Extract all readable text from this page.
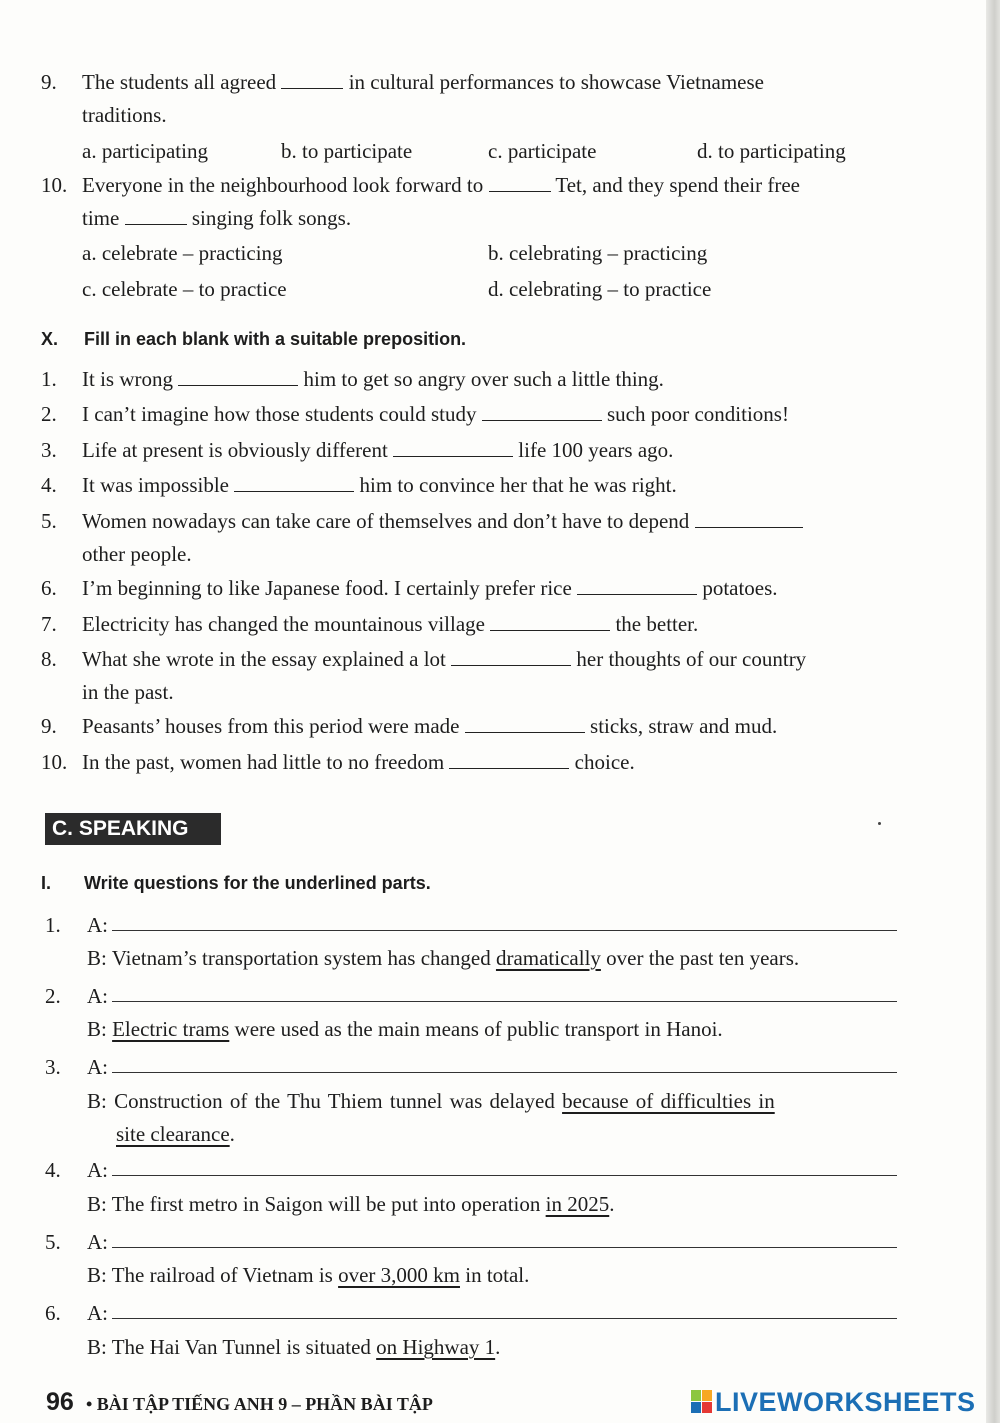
9. The students all agreed	in cultural performances to showcase Vietnamese
traditions.
a. participating	b. to participate	c. participate	d. to participating
10. Everyone in the neighbourhood look forward to	Tet, and they spend their free
time	singing folk songs.
a. celebrate – practicing	b. celebrating – practicing
c. celebrate – to practice	d. celebrating – to practice
X. Fill in each blank with a suitable preposition.
1. It is wrong	him to get so angry over such a little thing.
2. I can’t imagine how those students could study	such poor conditions!
3. Life at present is obviously different	life 100 years ago.
4. It was impossible	him to convince her that he was right.
5. Women nowadays can take care of themselves and don’t have to depend
other people.
6. I’m beginning to like Japanese food. I certainly prefer rice	potatoes.
7. Electricity has changed the mountainous village	the better.
8. What she wrote in the essay explained a lot	her thoughts of our country
in the past.
9. Peasants’ houses from this period were made	sticks, straw and mud.
10. In the past, women had little to no freedom	choice.
C. SPEAKING
I. Write questions for the underlined parts.
1. A:
B: Vietnam’s transportation system has changed dramatically over the past ten years.
2. A:
B: Electric trams were used as the main means of public transport in Hanoi.
3. A:
B: Construction of the Thu Thiem tunnel was delayed because of difficulties in
site clearance.
4. A:
B: The first metro in Saigon will be put into operation in 2025.
5. A:
B: The railroad of Vietnam is over 3,000 km in total.
6. A:
B: The Hai Van Tunnel is situated on Highway 1.
96 • BÀI TẬP TIẾNG ANH 9 – PHẦN BÀI TẬP	LIVEWORKSHEETS
